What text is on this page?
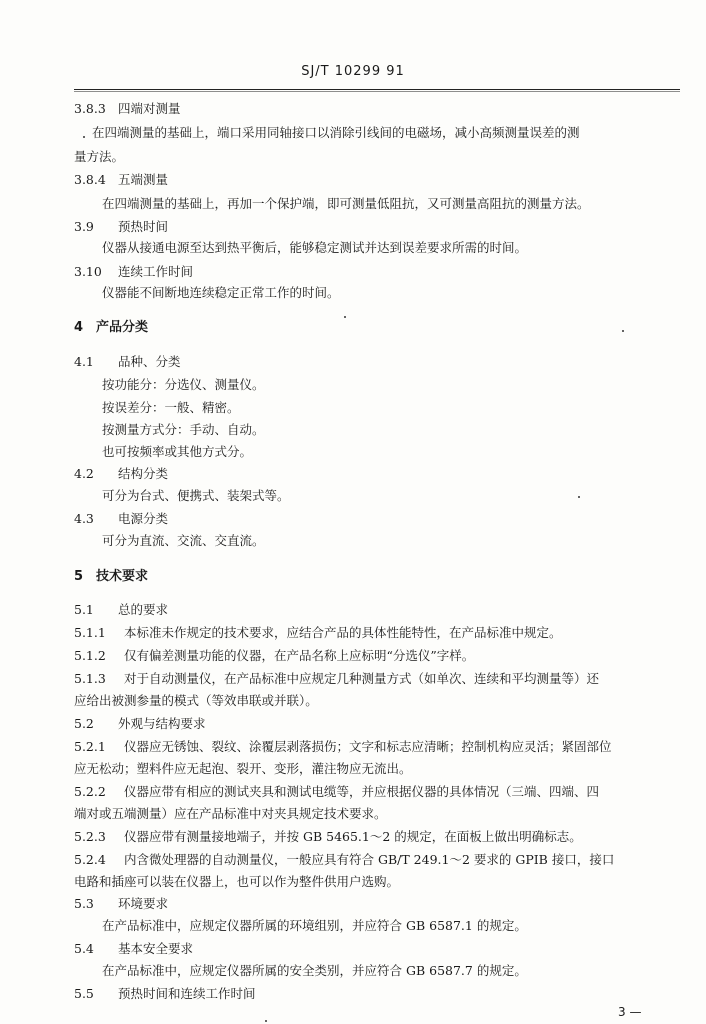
SJ/T 10299 91
3.8.3 四端对测量
在四端测量的基础上，端口采用同轴接口以消除引线间的电磁场，减小高频测量误差的测
量方法。
3.8.4 五端测量
在四端测量的基础上，再加一个保护端，即可测量低阻抗，又可测量高阻抗的测量方法。
3.9 预热时间
仪器从接通电源至达到热平衡后，能够稳定测试并达到误差要求所需的时间。
3.10 连续工作时间
仪器能不间断地连续稳定正常工作的时间。
4 产品分类
4.1 品种、分类
按功能分：分选仪、测量仪。
按误差分：一般、精密。
按测量方式分：手动、自动。
也可按频率或其他方式分。
4.2 结构分类
可分为台式、便携式、装架式等。
4.3 电源分类
可分为直流、交流、交直流。
5 技术要求
5.1 总的要求
5.1.1 本标准未作规定的技术要求，应结合产品的具体性能特性，在产品标准中规定。
5.1.2 仅有偏差测量功能的仪器，在产品名称上应标明“分选仪”字样。
5.1.3 对于自动测量仪，在产品标准中应规定几种测量方式（如单次、连续和平均测量等）还
应给出被测参量的模式（等效串联或并联）。
5.2 外观与结构要求
5.2.1 仪器应无锈蚀、裂纹、涂覆层剥落损伤；文字和标志应清晰；控制机构应灵活；紧固部位
应无松动；塑料件应无起泡、裂开、变形，灌注物应无流出。
5.2.2 仪器应带有相应的测试夹具和测试电缆等，并应根据仪器的具体情况（三端、四端、四
端对或五端测量）应在产品标准中对夹具规定技术要求。
5.2.3 仪器应带有测量接地端子，并按 GB 5465.1～2 的规定，在面板上做出明确标志。
5.2.4 内含微处理器的自动测量仪，一般应具有符合 GB/T 249.1～2 要求的 GPIB 接口，接口
电路和插座可以装在仪器上，也可以作为整件供用户选购。
5.3 环境要求
在产品标准中，应规定仪器所属的环境组别，并应符合 GB 6587.1 的规定。
5.4 基本安全要求
在产品标准中，应规定仪器所属的安全类别，并应符合 GB 6587.7 的规定。
5.5 预热时间和连续工作时间
3 —
